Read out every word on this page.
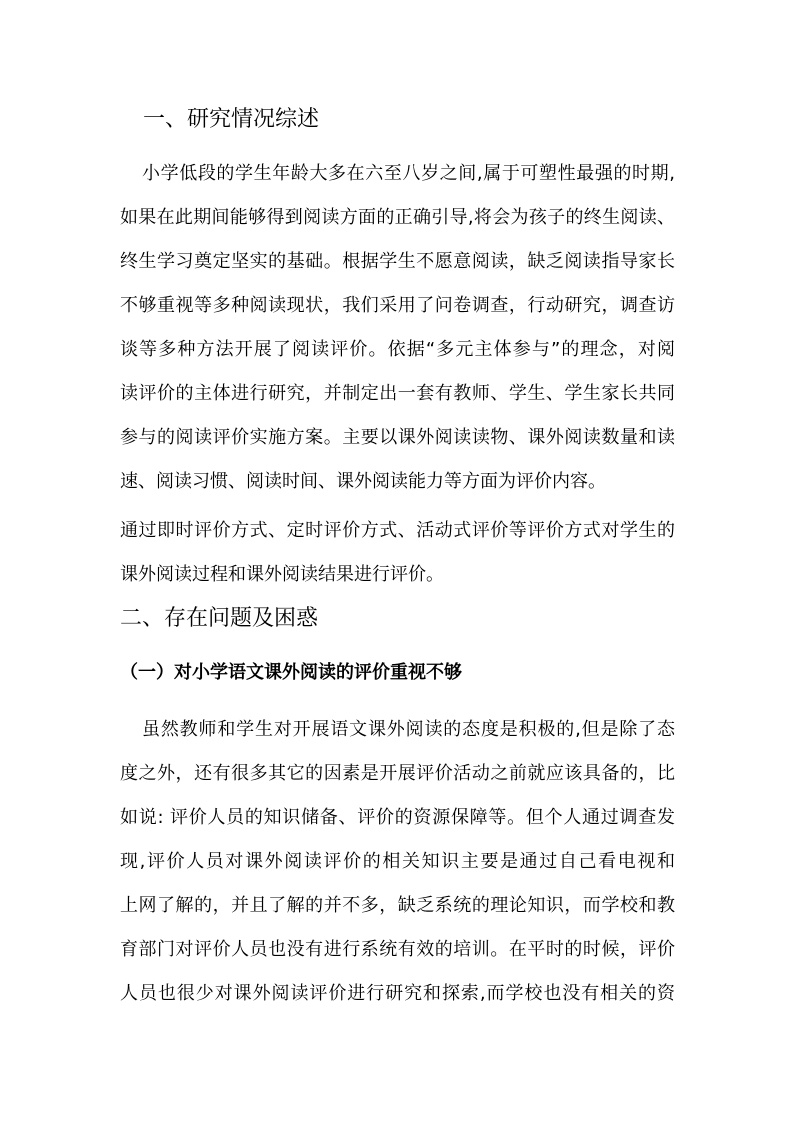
一、研究情况综述
小学低段的学生年龄大多在六至八岁之间,属于可塑性最强的时期,
如果在此期间能够得到阅读方面的正确引导,将会为孩子的终生阅读、
终生学习奠定坚实的基础。根据学生不愿意阅读，缺乏阅读指导家长
不够重视等多种阅读现状，我们采用了问卷调查，行动研究，调查访
谈等多种方法开展了阅读评价。依据“多元主体参与”的理念，对阅
读评价的主体进行研究，并制定出一套有教师、学生、学生家长共同
参与的阅读评价实施方案。主要以课外阅读读物、课外阅读数量和读
速、阅读习惯、阅读时间、课外阅读能力等方面为评价内容。
通过即时评价方式、定时评价方式、活动式评价等评价方式对学生的
课外阅读过程和课外阅读结果进行评价。
二、存在问题及困惑
（一）对小学语文课外阅读的评价重视不够
虽然教师和学生对开展语文课外阅读的态度是积极的,但是除了态
度之外，还有很多其它的因素是开展评价活动之前就应该具备的，比
如说: 评价人员的知识储备、评价的资源保障等。但个人通过调查发
现,评价人员对课外阅读评价的相关知识主要是通过自己看电视和
上网了解的，并且了解的并不多，缺乏系统的理论知识，而学校和教
育部门对评价人员也没有进行系统有效的培训。在平时的时候，评价
人员也很少对课外阅读评价进行研究和探索,而学校也没有相关的资
